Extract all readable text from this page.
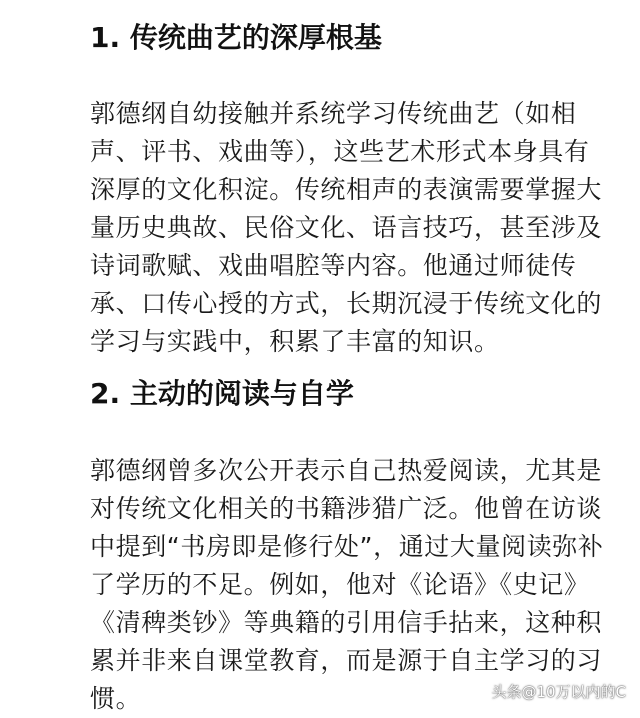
1. 传统曲艺的深厚根基

郭德纲自幼接触并系统学习传统曲艺（如相
声、评书、戏曲等），这些艺术形式本身具有
深厚的文化积淀。传统相声的表演需要掌握大
量历史典故、民俗文化、语言技巧，甚至涉及
诗词歌赋、戏曲唱腔等内容。他通过师徒传
承、口传心授的方式，长期沉浸于传统文化的
学习与实践中，积累了丰富的知识。

2. 主动的阅读与自学

郭德纲曾多次公开表示自己热爱阅读，尤其是
对传统文化相关的书籍涉猎广泛。他曾在访谈
中提到“书房即是修行处”，通过大量阅读弥补
了学历的不足。例如，他对《论语》《史记》
《清稗类钞》等典籍的引用信手拈来，这种积
累并非来自课堂教育，而是源于自主学习的习
惯。	头条@10万以内的C
